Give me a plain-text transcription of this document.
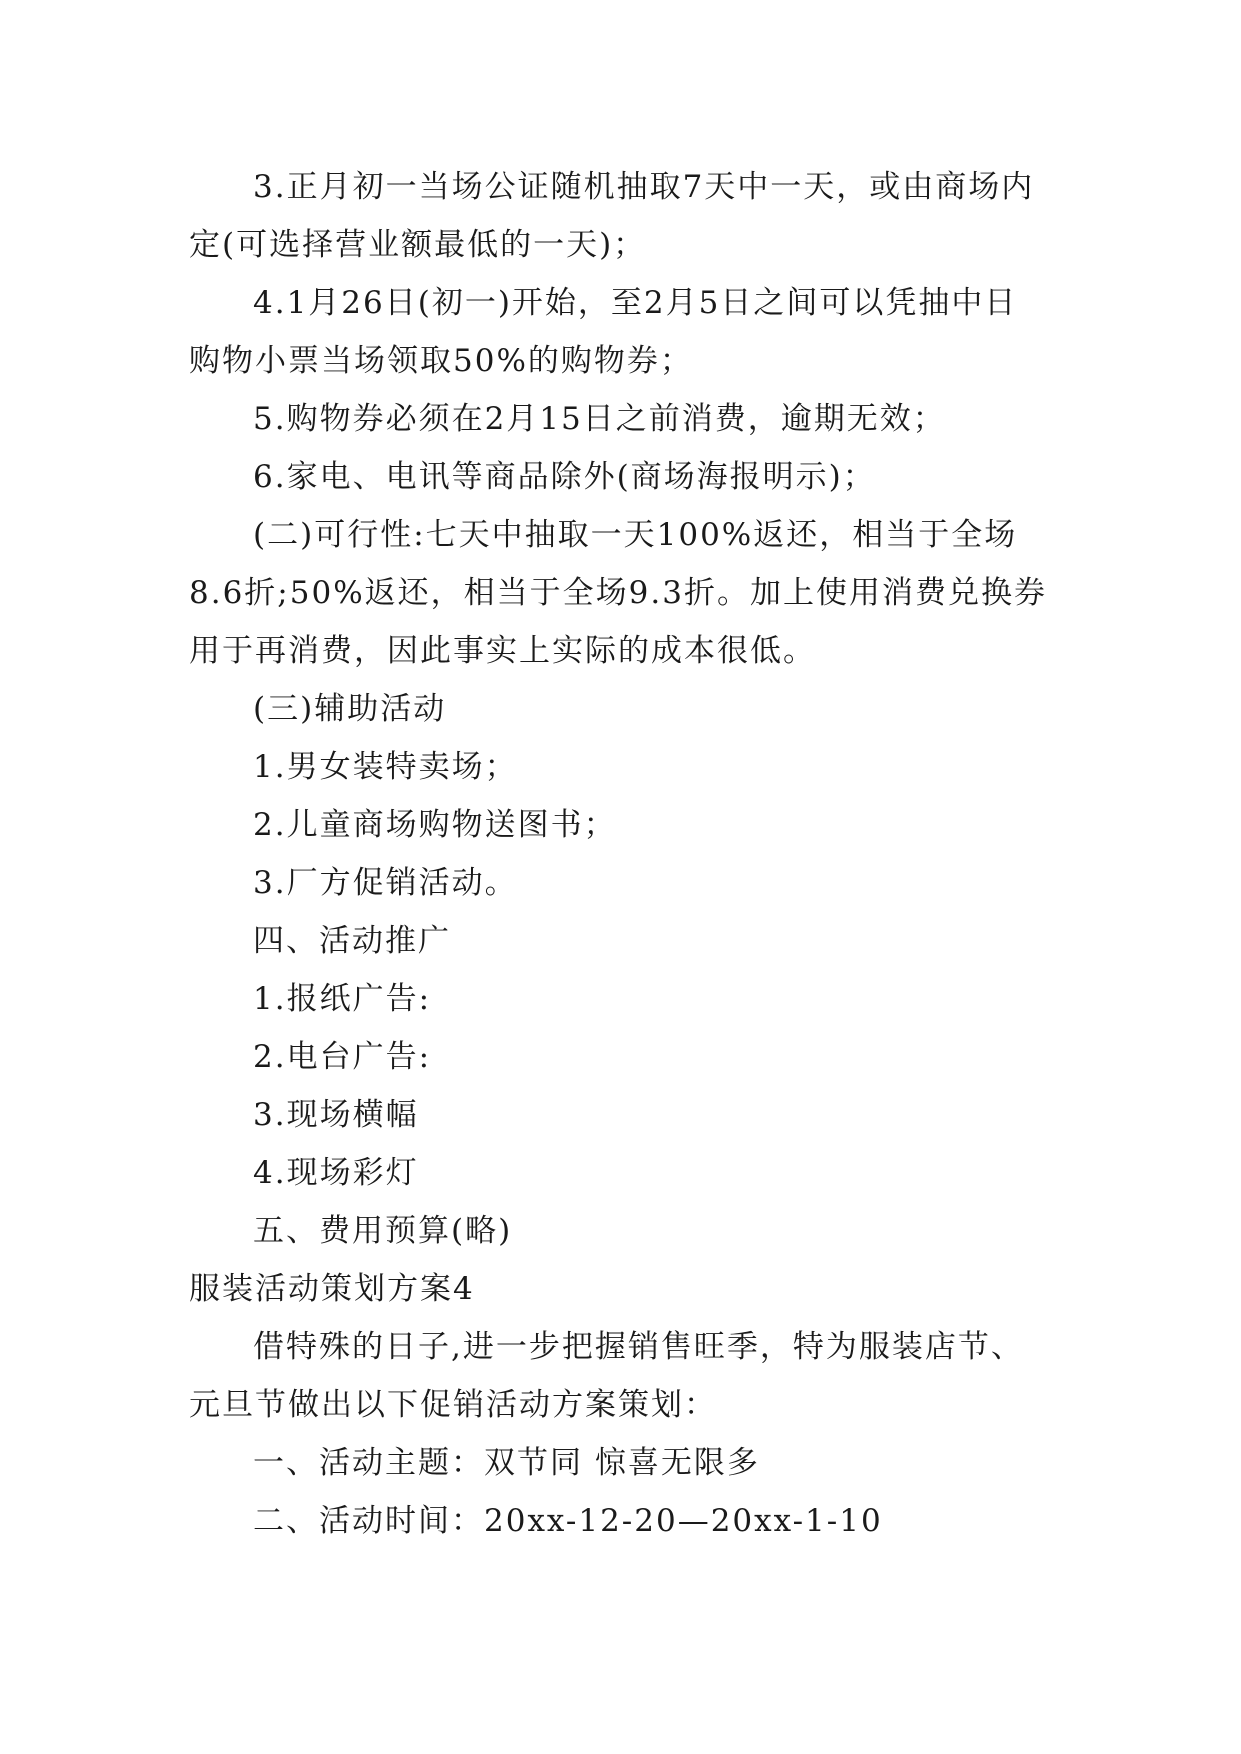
3.正月初一当场公证随机抽取7天中一天，或由商场内

定(可选择营业额最低的一天)；

4.1月26日(初一)开始，至2月5日之间可以凭抽中日

购物小票当场领取50%的购物券；

5.购物券必须在2月15日之前消费，逾期无效；

6.家电、电讯等商品除外(商场海报明示)；

(二)可行性:七天中抽取一天100%返还，相当于全场

8.6折;50%返还，相当于全场9.3折。加上使用消费兑换券

用于再消费，因此事实上实际的成本很低。

(三)辅助活动

1.男女装特卖场；

2.儿童商场购物送图书；

3.厂方促销活动。

四、活动推广

1.报纸广告:

2.电台广告:

3.现场横幅

4.现场彩灯

五、费用预算(略)

服装活动策划方案4

借特殊的日子,进一步把握销售旺季，特为服装店节、

元旦节做出以下促销活动方案策划：

一、活动主题：双节同 惊喜无限多

二、活动时间：20xx-12-20—20xx-1-10
